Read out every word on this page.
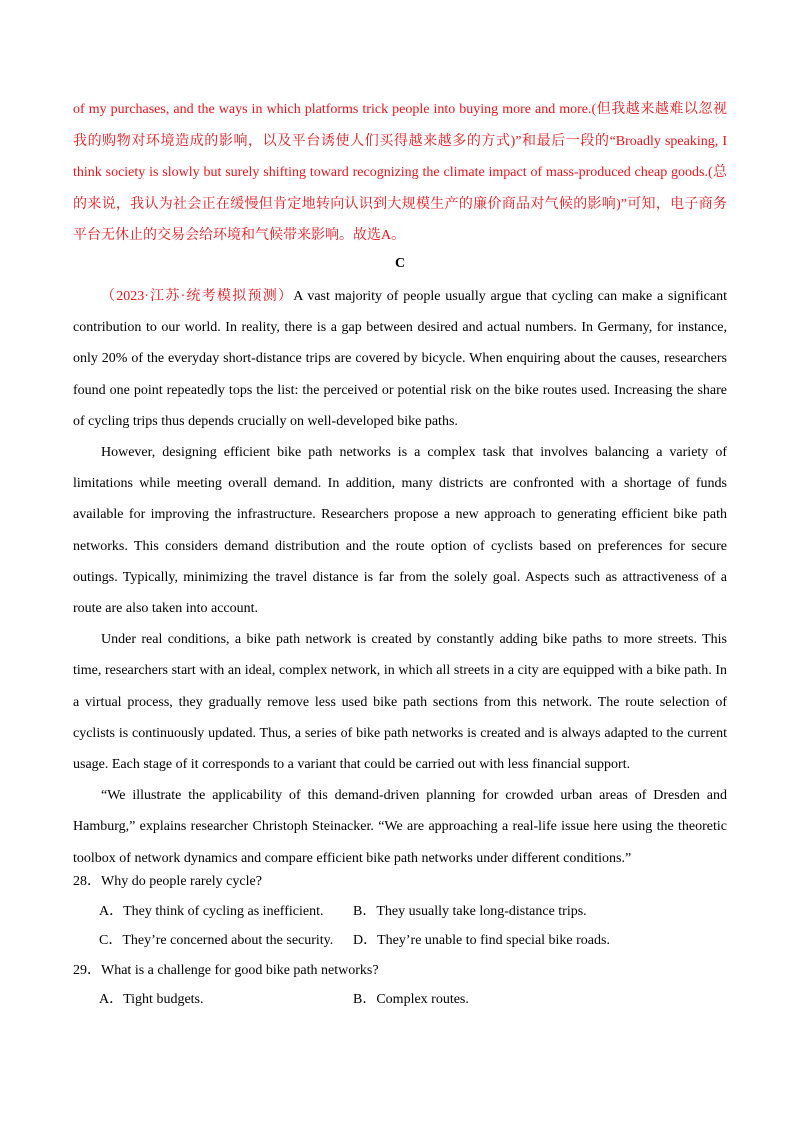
of my purchases, and the ways in which platforms trick people into buying more and more.(但我越来越难以忽视我的购物对环境造成的影响，以及平台诱使人们买得越来越多的方式)”和最后一段的“Broadly speaking, I think society is slowly but surely shifting toward recognizing the climate impact of mass-produced cheap goods.(总的来说，我认为社会正在缓慢但肯定地转向认识到大规模生产的廉价商品对气候的影响)”可知，电子商务平台无休止的交易会给环境和气候带来影响。故选A。
C

（2023·江苏·统考模拟预测）A vast majority of people usually argue that cycling can make a significant contribution to our world. In reality, there is a gap between desired and actual numbers. In Germany, for instance, only 20% of the everyday short-distance trips are covered by bicycle. When enquiring about the causes, researchers found one point repeatedly tops the list: the perceived or potential risk on the bike routes used. Increasing the share of cycling trips thus depends crucially on well-developed bike paths.

However, designing efficient bike path networks is a complex task that involves balancing a variety of limitations while meeting overall demand. In addition, many districts are confronted with a shortage of funds available for improving the infrastructure. Researchers propose a new approach to generating efficient bike path networks. This considers demand distribution and the route option of cyclists based on preferences for secure outings. Typically, minimizing the travel distance is far from the solely goal. Aspects such as attractiveness of a route are also taken into account.

Under real conditions, a bike path network is created by constantly adding bike paths to more streets. This time, researchers start with an ideal, complex network, in which all streets in a city are equipped with a bike path. In a virtual process, they gradually remove less used bike path sections from this network. The route selection of cyclists is continuously updated. Thus, a series of bike path networks is created and is always adapted to the current usage. Each stage of it corresponds to a variant that could be carried out with less financial support.

“We illustrate the applicability of this demand-driven planning for crowded urban areas of Dresden and Hamburg,” explains researcher Christoph Steinacker. “We are approaching a real-life issue here using the theoretic toolbox of network dynamics and compare efficient bike path networks under different conditions.”

28．Why do people rarely cycle?
A．They think of cycling as inefficient.	B．They usually take long-distance trips.
C．They’re concerned about the security.	D．They’re unable to find special bike roads.
29．What is a challenge for good bike path networks?
A．Tight budgets.	B．Complex routes.
